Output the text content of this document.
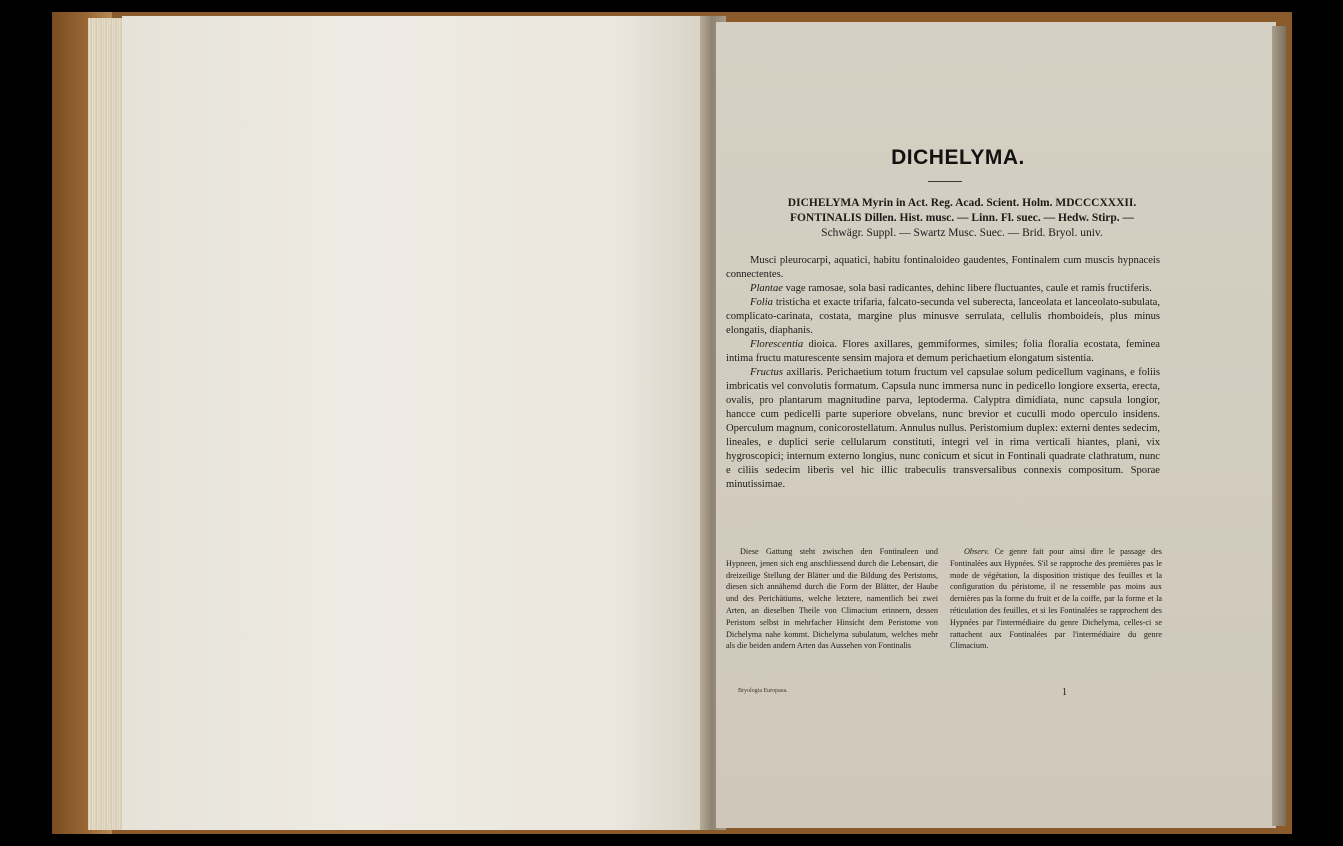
DICHELYMA.

DICHELYMA Myrin in Act. Reg. Acad. Scient. Holm. MDCCCXXXII.

FONTINALIS Dillen. Hist. musc. — Linn. Fl. suec. — Hedw. Stirp. —

Schwägr. Suppl. — Swartz Musc. Suec. — Brid. Bryol. univ.

Musci pleurocarpi, aquatici, habitu fontinaloideo gaudentes, Fontinalem cum muscis hypnaceis connectentes.

Plantae vage ramosae, sola basi radicantes, dehinc libere fluctuantes, caule et ramis fructiferis.

Folia tristicha et exacte trifaria, falcato-secunda vel suberecta, lanceolata et lanceolato-subulata, complicato-carinata, costata, margine plus minusve serrulata, cellulis rhomboideis, plus minus elongatis, diaphanis.

Florescentia dioica. Flores axillares, gemmiformes, similes; folia floralia ecostata, feminea intima fructu maturescente sensim majora et demum perichaetium elongatum sistentia.

Fructus axillaris. Perichaetium totum fructum vel capsulae solum pedicellum vaginans, e foliis imbricatis vel convolutis formatum. Capsula nunc immersa nunc in pedicello longiore exserta, erecta, ovalis, pro plantarum magnitudine parva, leptoderma. Calyptra dimidiata, nunc capsula longior, hancce cum pedicelli parte superiore obvelans, nunc brevior et cuculli modo operculo insidens. Operculum magnum, conicorostellatum. Annulus nullus. Peristomium duplex: externi dentes sedecim, lineales, e duplici serie cellularum constituti, integri vel in rima verticali hiantes, plani, vix hygroscopici; internum externo longius, nunc conicum et sicut in Fontinali quadrate clathratum, nunc e ciliis sedecim liberis vel hic illic trabeculis transversalibus connexis compositum. Sporae minutissimae.

Diese Gattung steht zwischen den Fontinaleen und Hypneen, jenen sich eng anschliessend durch die Lebensart, die dreizeilige Stellung der Blätter und die Bildung des Peristoms, diesen sich annähernd durch die Form der Blätter, der Haube und des Perichätiums, welche letztere, namentlich bei zwei Arten, an dieselben Theile von Climacium erinnern, dessen Peristom selbst in mehrfacher Hinsicht dem Peristome von Dichelyma nahe kommt. Dichelyma subulatum, welches mehr als die beiden andern Arten das Aussehen von Fontinalis

Observ. Ce genre fait pour ainsi dire le passage des Fontinalées aux Hypnées. S'il se rapproche des premières pas le mode de végétation, la disposition tristique des feuilles et la configuration du péristome, il ne ressemble pas moins aux dernières pas la forme du fruit et de la coiffe, par la forme et la réticulation des feuilles, et si les Fontinalées se rapprochent des Hypnées par l'intermédiaire du genre Dichelyma, celles-ci se rattachent aux Fontinalées par l'intermédiaire du genre Climacium.

Bryologia Europaea.	1
